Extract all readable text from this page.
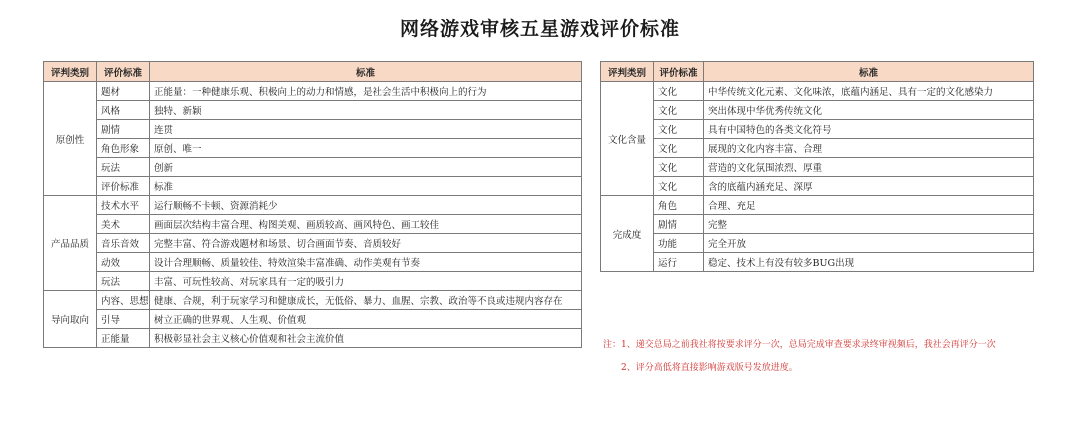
网络游戏审核五星游戏评价标准
评判类别	评价标准	标准
原创性	题材	正能量：一种健康乐观、积极向上的动力和情感，是社会生活中积极向上的行为
	风格	独特、新颖
	剧情	连贯
	角色形象	原创、唯一
	玩法	创新
	评价标准	标准
产品品质	技术水平	运行顺畅不卡顿、资源消耗少
	美术	画面层次结构丰富合理、构图美观、画质较高、画风特色、画工较佳
	音乐音效	完整丰富、符合游戏题材和场景、切合画面节奏、音质较好
	动效	设计合理顺畅、质量较佳、特效渲染丰富准确、动作美观有节奏
	玩法	丰富、可玩性较高、对玩家具有一定的吸引力
导向取向	内容、思想	健康、合规，利于玩家学习和健康成长，无低俗、暴力、血腥、宗教、政治等不良或违规内容存在
	引导	树立正确的世界观、人生观、价值观
	正能量	积极彰显社会主义核心价值观和社会主流价值
评判类别	评价标准	标准
文化含量	文化	中华传统文化元素、文化味浓，底蕴内涵足、具有一定的文化感染力
	文化	突出体现中华优秀传统文化
	文化	具有中国特色的各类文化符号
	文化	展现的文化内容丰富、合理
	文化	营造的文化氛围浓烈、厚重
	文化	含的底蕴内涵充足、深厚
完成度	角色	合理、充足
	剧情	完整
	功能	完全开放
	运行	稳定、技术上有没有较多BUG出现
注：1、递交总局之前我社将按要求评分一次，总局完成审查要求录终审视频后，我社会再评分一次
2、评分高低将直接影响游戏版号发放进度。
